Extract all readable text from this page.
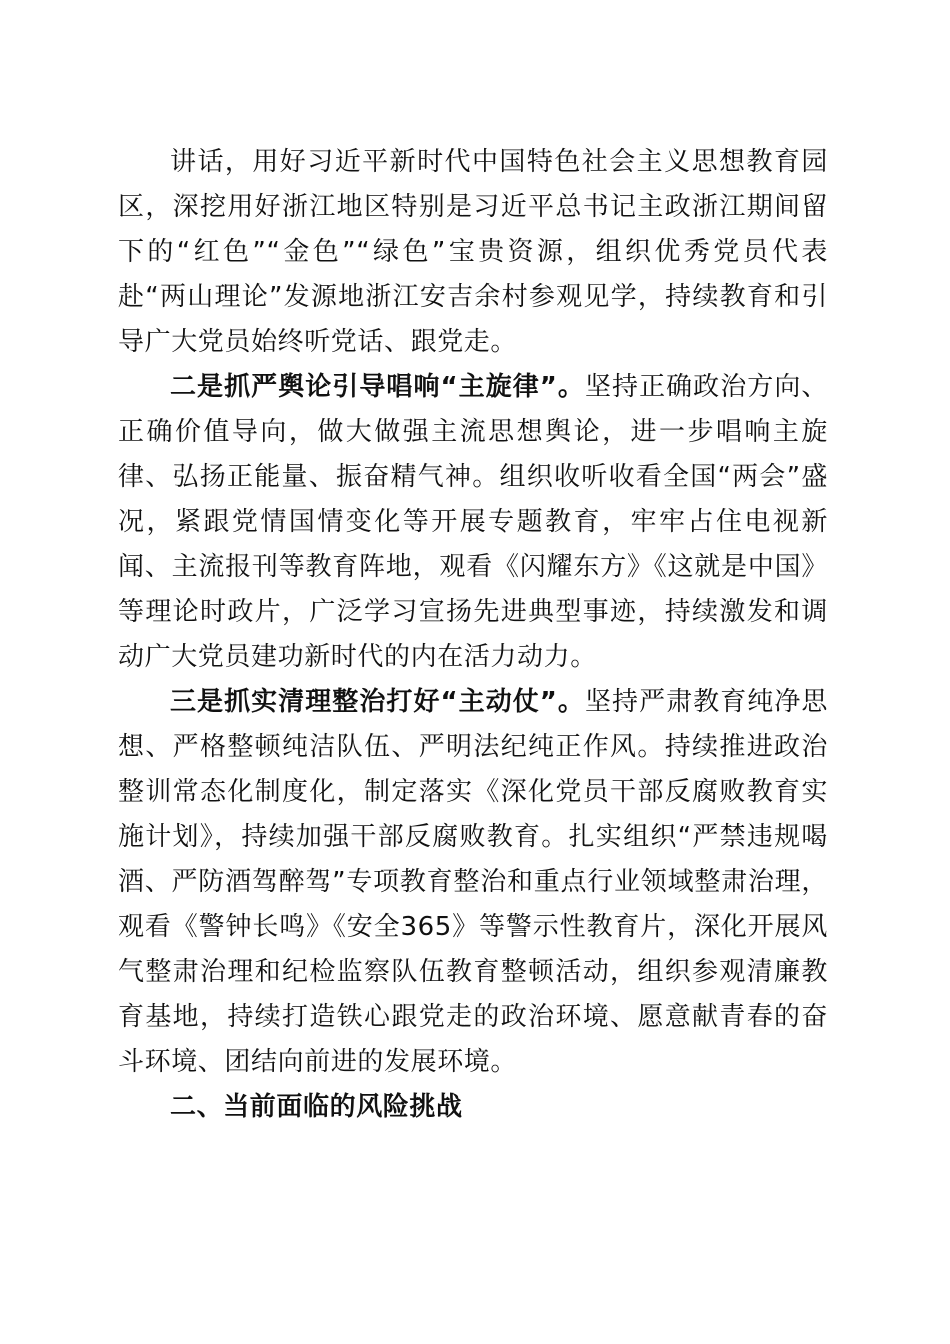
讲话，用好习近平新时代中国特色社会主义思想教育园区，深挖用好浙江地区特别是习近平总书记主政浙江期间留下的“红色”“金色”“绿色”宝贵资源，组织优秀党员代表赴“两山理论”发源地浙江安吉余村参观见学，持续教育和引导广大党员始终听党话、跟党走。

二是抓严舆论引导唱响“主旋律”。坚持正确政治方向、正确价值导向，做大做强主流思想舆论，进一步唱响主旋律、弘扬正能量、振奋精气神。组织收听收看全国“两会”盛况，紧跟党情国情变化等开展专题教育，牢牢占住电视新闻、主流报刊等教育阵地，观看《闪耀东方》《这就是中国》等理论时政片，广泛学习宣扬先进典型事迹，持续激发和调动广大党员建功新时代的内在活力动力。

三是抓实清理整治打好“主动仗”。坚持严肃教育纯净思想、严格整顿纯洁队伍、严明法纪纯正作风。持续推进政治整训常态化制度化，制定落实《深化党员干部反腐败教育实施计划》，持续加强干部反腐败教育。扎实组织“严禁违规喝酒、严防酒驾醉驾”专项教育整治和重点行业领域整肃治理，观看《警钟长鸣》《安全365》等警示性教育片，深化开展风气整肃治理和纪检监察队伍教育整顿活动，组织参观清廉教育基地，持续打造铁心跟党走的政治环境、愿意献青春的奋斗环境、团结向前进的发展环境。

二、当前面临的风险挑战
